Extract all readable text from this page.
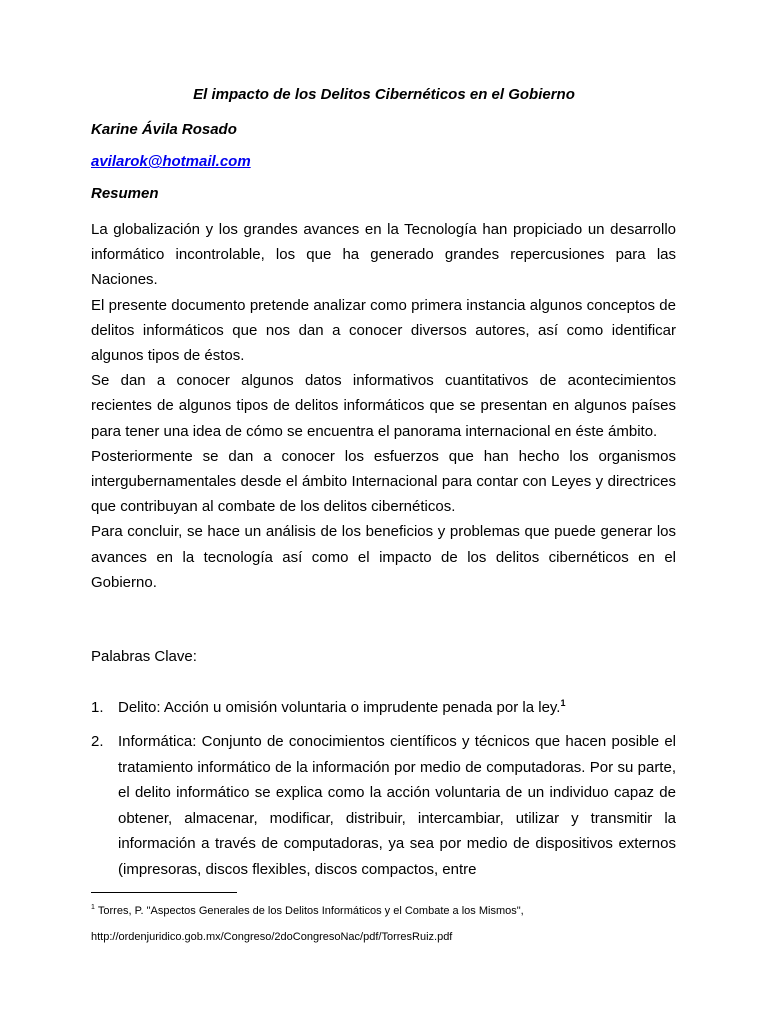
El impacto de los Delitos Cibernéticos en el Gobierno
Karine Ávila Rosado
avilarok@hotmail.com
Resumen

La globalización y los grandes avances en la Tecnología han propiciado un desarrollo informático incontrolable, los que ha generado grandes repercusiones para las Naciones.

El presente documento pretende analizar como primera instancia algunos conceptos de delitos informáticos que nos dan a conocer diversos autores, así como identificar algunos tipos de éstos.

Se dan a conocer algunos datos informativos cuantitativos de acontecimientos recientes de algunos tipos de delitos informáticos que se presentan en algunos países para tener una idea de cómo se encuentra el panorama internacional en éste ámbito.

Posteriormente se dan a conocer los esfuerzos que han hecho los organismos intergubernamentales desde el ámbito Internacional para contar con Leyes y directrices que contribuyan al combate de los delitos cibernéticos.

Para concluir, se hace un análisis de los beneficios y problemas que puede generar los avances en la tecnología así como el impacto de los delitos cibernéticos en el Gobierno.

Palabras Clave:
1. Delito: Acción u omisión voluntaria o imprudente penada por la ley.$^1$
2. Informática: Conjunto de conocimientos científicos y técnicos que hacen posible el tratamiento informático de la información por medio de computadoras. Por su parte, el delito informático se explica como la acción voluntaria de un individuo capaz de obtener, almacenar, modificar, distribuir, intercambiar, utilizar y transmitir la información a través de computadoras, ya sea por medio de dispositivos externos (impresoras, discos flexibles, discos compactos, entre
$^1$ Torres, P. "Aspectos Generales de los Delitos Informáticos y el Combate a los Mismos",
http://ordenjuridico.gob.mx/Congreso/2doCongresoNac/pdf/TorresRuiz.pdf
